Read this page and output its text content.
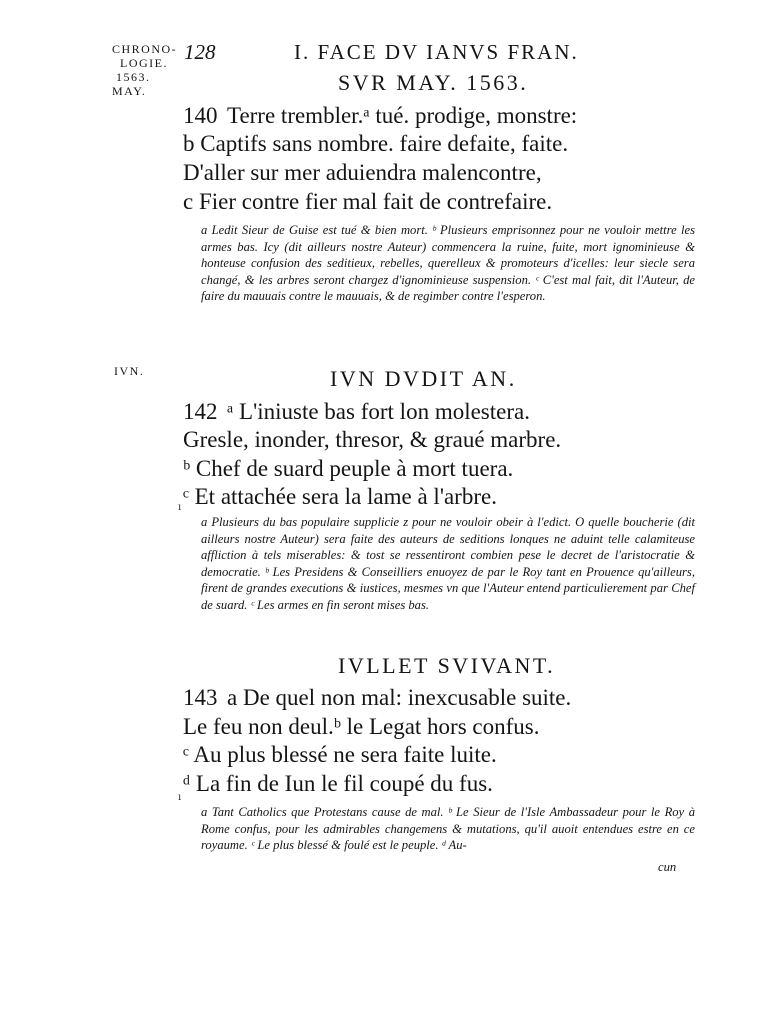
CHRONO-
LOGIE.
1563.
MAY.
IVN.
128	I. FACE DV IANVS FRAN.
SVR MAY. 1563.
140 Terre trembler.ᵃ tué. prodige, monstre:
b Captifs sans nombre. faire defaite, faite.
D'aller sur mer aduiendra malencontre,
c Fier contre fier mal fait de contrefaire.

a Ledit Sieur de Guise est tué & bien mort. ᵇ Plusieurs emprisonnez pour ne vouloir mettre les armes bas. Icy (dit ailleurs nostre Auteur) commencera la ruine, fuite, mort ignominieuse & honteuse confusion des seditieux, rebelles, querelleux & promoteurs d'icelles: leur siecle sera changé, & les arbres seront chargez d'ignominieuse suspension. ᶜ C'est mal fait, dit l'Auteur, de faire du mauuais contre le mauuais, & de regimber contre l'esperon.

IVN DVDIT AN.
142 ᵃ L'iniuste bas fort lon molestera.
Gresle, inonder, thresor, & graué marbre.
ᵇ Chef de suard peuple à mort tuera.
ᶜ Et attachée sera la lame à l'arbre.
ı

a Plusieurs du bas populaire supplicie z pour ne vouloir obeir à l'edict. O quelle boucherie (dit ailleurs nostre Auteur) sera faite des auteurs de seditions lonques ne aduint telle calamiteuse affliction à tels miserables: & tost se ressentiront combien pese le decret de l'aristocratie & democratie. ᵇ Les Presidens & Conseilliers enuoyez de par le Roy tant en Prouence qu'ailleurs, firent de grandes executions & iustices, mesmes vn que l'Auteur entend particulierement par Chef de suard. ᶜ Les armes en fin seront mises bas.

IVLLET SVIVANT.
143 a De quel non mal: inexcusable suite.
Le feu non deul.ᵇ le Legat hors confus.
ᶜ Au plus blessé ne sera faite luite.
ᵈ La fin de Iun le fil coupé du fus.
ı

a Tant Catholics que Protestans cause de mal. ᵇ Le Sieur de l'Isle Ambassadeur pour le Roy à Rome confus, pour les admirables changemens & mutations, qu'il auoit entendues estre en ce royaume. ᶜ Le plus blessé & foulé est le peuple. ᵈ Au-

cun
